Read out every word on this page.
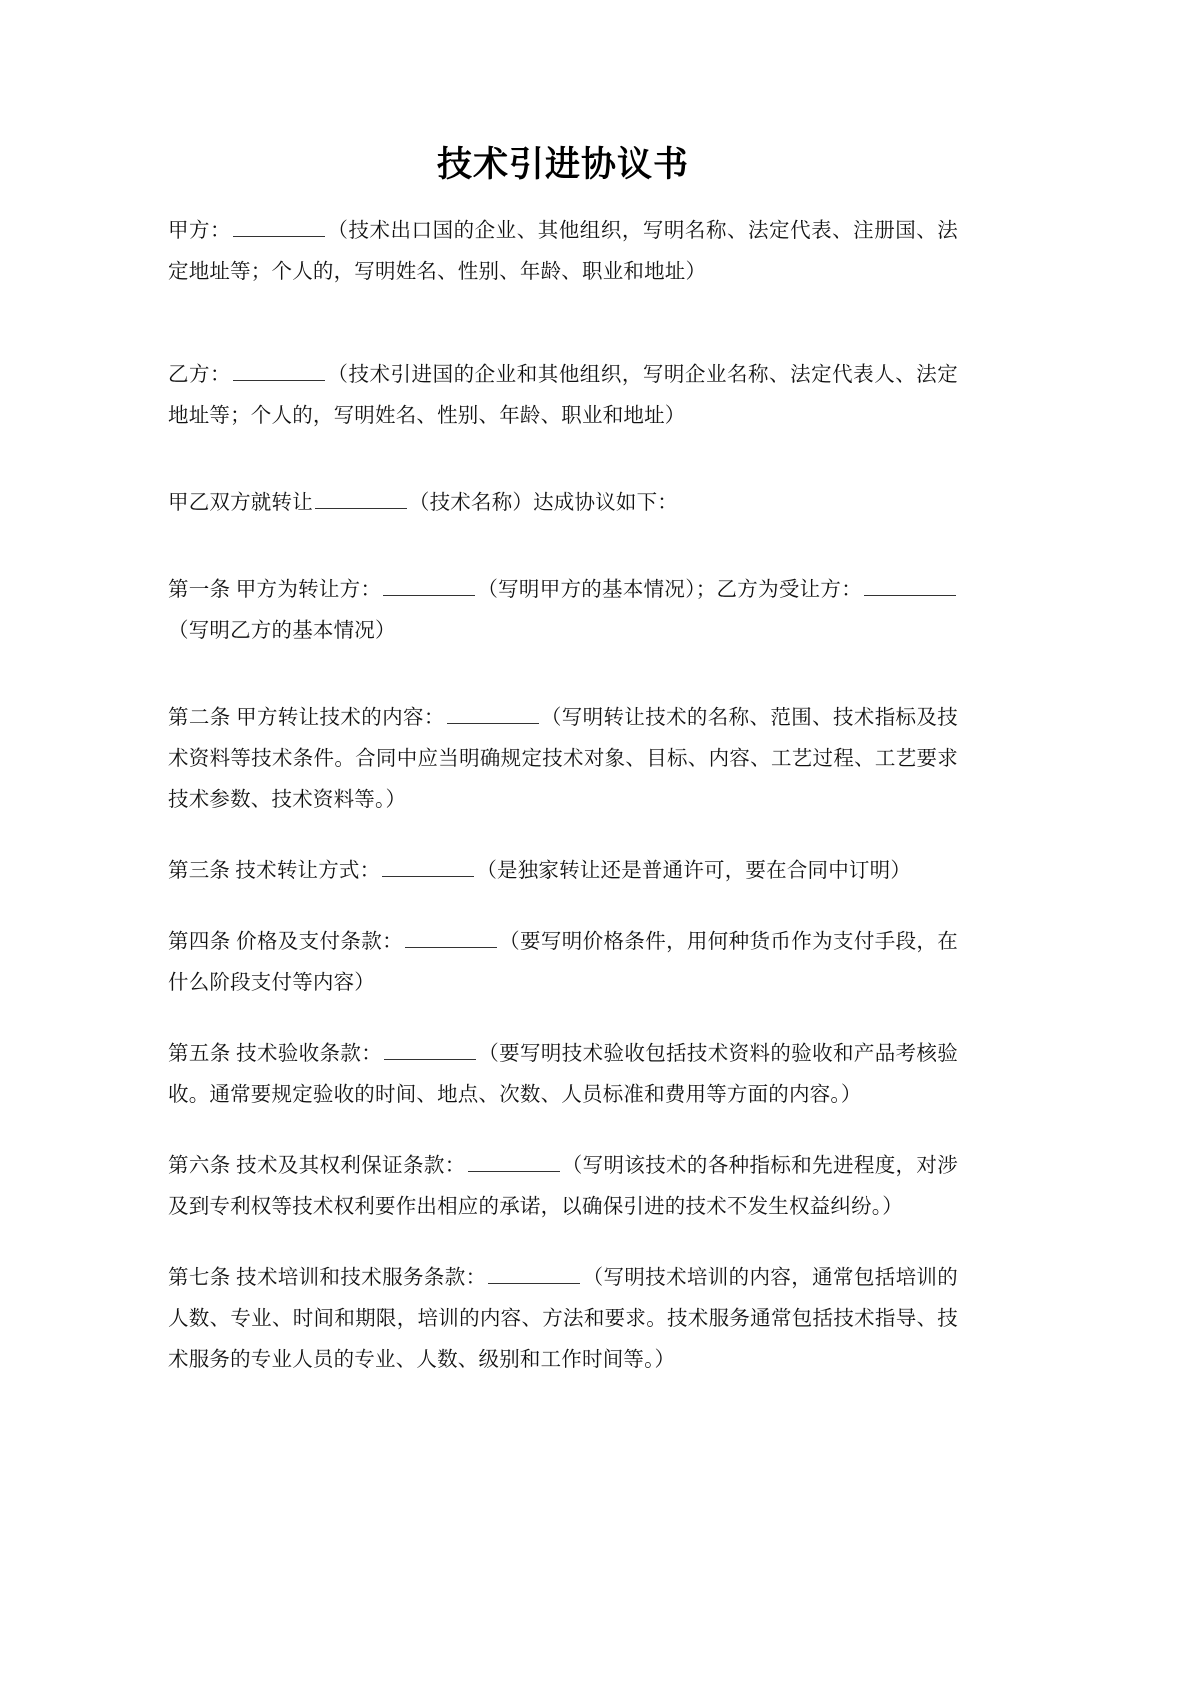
技术引进协议书

甲方：	（技术出口国的企业、其他组织，写明名称、法定代表、注册国、法定地址等；个人的，写明姓名、性别、年龄、职业和地址）

乙方：	（技术引进国的企业和其他组织，写明企业名称、法定代表人、法定地址等；个人的，写明姓名、性别、年龄、职业和地址）

甲乙双方就转让	（技术名称）达成协议如下：

第一条 甲方为转让方：	（写明甲方的基本情况）；乙方为受让方：（写明乙方的基本情况）

第二条 甲方转让技术的内容：	（写明转让技术的名称、范围、技术指标及技术资料等技术条件。合同中应当明确规定技术对象、目标、内容、工艺过程、工艺要求技术参数、技术资料等。）

第三条 技术转让方式：	（是独家转让还是普通许可，要在合同中订明）

第四条 价格及支付条款：	（要写明价格条件，用何种货币作为支付手段，在什么阶段支付等内容）

第五条 技术验收条款：	（要写明技术验收包括技术资料的验收和产品考核验收。通常要规定验收的时间、地点、次数、人员标准和费用等方面的内容。）

第六条 技术及其权利保证条款：	（写明该技术的各种指标和先进程度，对涉及到专利权等技术权利要作出相应的承诺，以确保引进的技术不发生权益纠纷。）

第七条 技术培训和技术服务条款：	（写明技术培训的内容，通常包括培训的人数、专业、时间和期限，培训的内容、方法和要求。技术服务通常包括技术指导、技术服务的专业人员的专业、人数、级别和工作时间等。）
